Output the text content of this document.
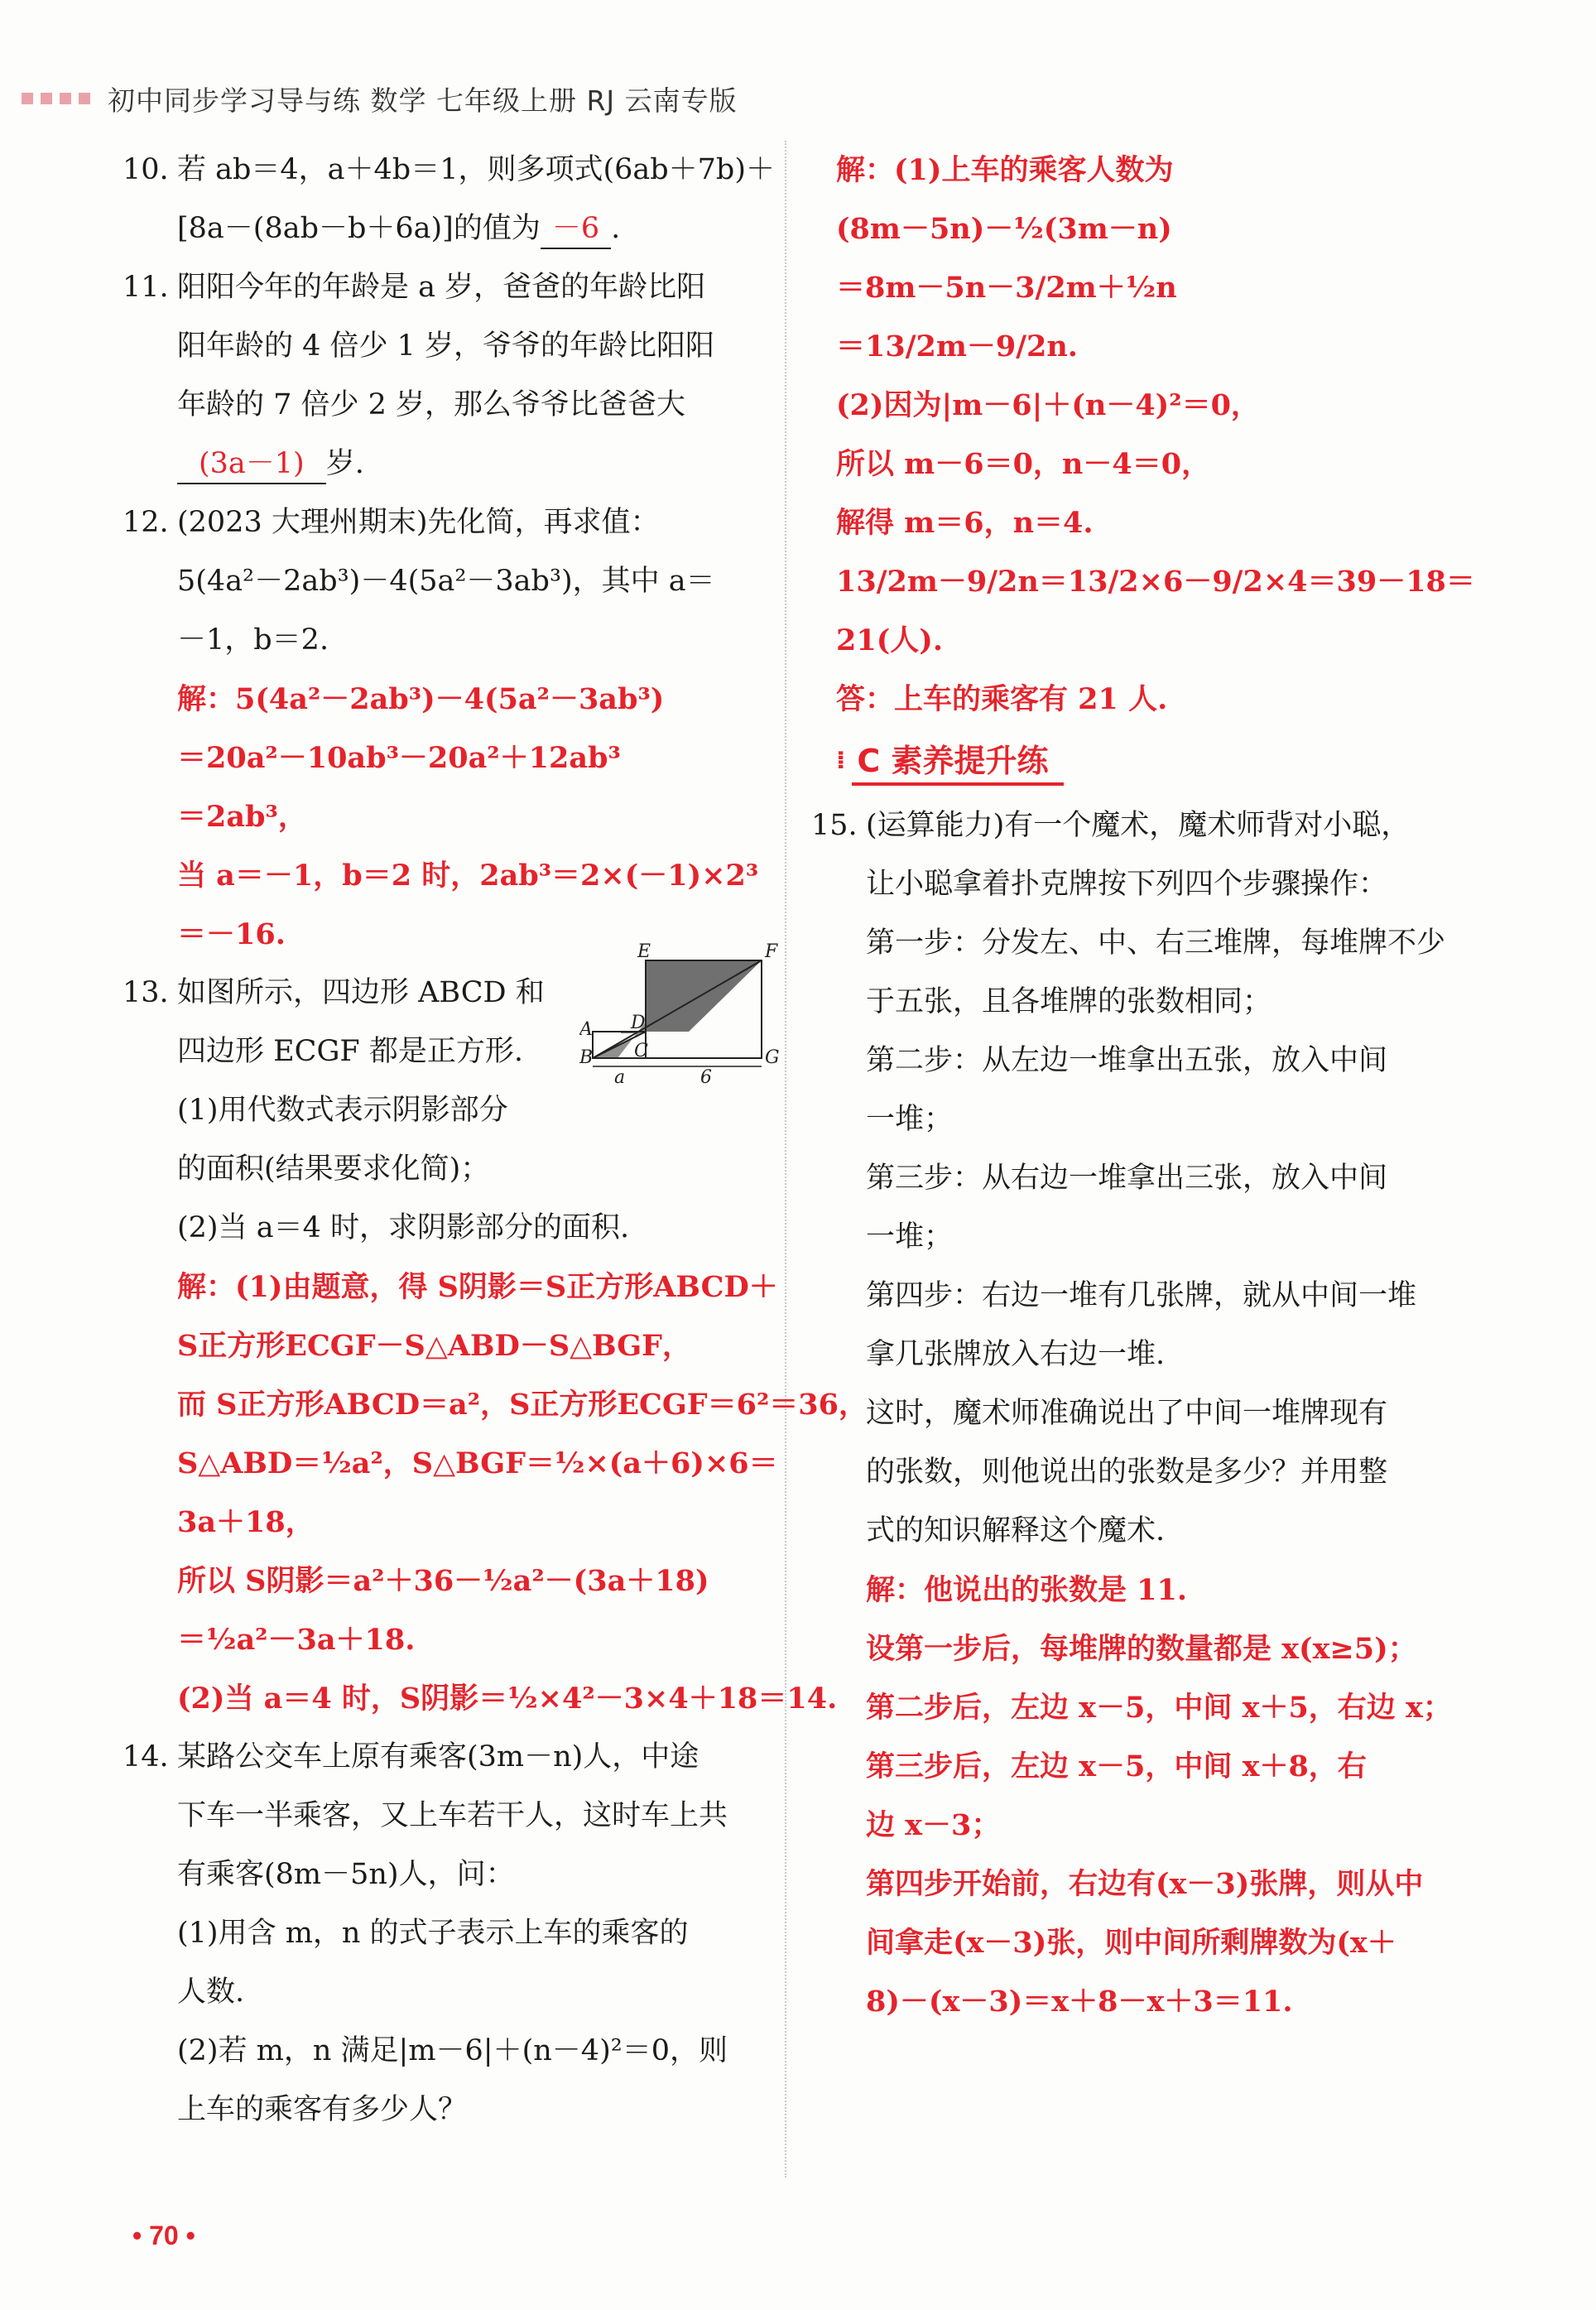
初中同步学习导与练 数学 七年级上册 RJ 云南专版
10. 若 ab＝4，a＋4b＝1，则多项式(6ab＋7b)＋
[8a－(8ab－b＋6a)]的值为 －6 .
11. 阳阳今年的年龄是 a 岁，爸爸的年龄比阳
阳年龄的 4 倍少 1 岁，爷爷的年龄比阳阳
年龄的 7 倍少 2 岁，那么爷爷比爸爸大
(3a－1) 岁.
12. (2023 大理州期末)先化简，再求值：
5(4a²－2ab³)－4(5a²－3ab³)，其中 a＝
－1，b＝2.
解：5(4a²－2ab³)－4(5a²－3ab³)
＝20a²－10ab³－20a²＋12ab³
＝2ab³，
当 a＝－1，b＝2 时，2ab³＝2×(－1)×2³
＝－16.
13. 如图所示，四边形 ABCD 和
四边形 ECGF 都是正方形.
(1)用代数式表示阴影部分
的面积(结果要求化简)；
(2)当 a＝4 时，求阴影部分的面积.
解：(1)由题意，得 S阴影＝S正方形ABCD＋
S正方形ECGF－S△ABD－S△BGF，
而 S正方形ABCD＝a²，S正方形ECGF＝6²＝36，
S△ABD＝½a²，S△BGF＝½×(a＋6)×6＝
3a＋18，
所以 S阴影＝a²＋36－½a²－(3a＋18)
＝½a²－3a＋18.
(2)当 a＝4 时，S阴影＝½×4²－3×4＋18＝14.
14. 某路公交车上原有乘客(3m－n)人，中途
下车一半乘客，又上车若干人，这时车上共
有乘客(8m－5n)人，问：
(1)用含 m，n 的式子表示上车的乘客的
人数.
(2)若 m，n 满足|m－6|＋(n－4)²＝0，则
上车的乘客有多少人？
E	F
A D
B C	G
a	6
解：(1)上车的乘客人数为
(8m－5n)－½(3m－n)
＝8m－5n－3/2m＋½n
＝13/2m－9/2n.
(2)因为|m－6|＋(n－4)²＝0，
所以 m－6＝0，n－4＝0，
解得 m＝6，n＝4.
13/2m－9/2n＝13/2×6－9/2×4＝39－18＝
21(人).
答：上车的乘客有 21 人.
⁞ C 素养提升练
15. (运算能力)有一个魔术，魔术师背对小聪，
让小聪拿着扑克牌按下列四个步骤操作：
第一步：分发左、中、右三堆牌，每堆牌不少
于五张，且各堆牌的张数相同；
第二步：从左边一堆拿出五张，放入中间
一堆；
第三步：从右边一堆拿出三张，放入中间
一堆；
第四步：右边一堆有几张牌，就从中间一堆
拿几张牌放入右边一堆.
这时，魔术师准确说出了中间一堆牌现有
的张数，则他说出的张数是多少？并用整
式的知识解释这个魔术.
解：他说出的张数是 11.
设第一步后，每堆牌的数量都是 x(x≥5)；
第二步后，左边 x－5，中间 x＋5，右边 x；
第三步后，左边 x－5，中间 x＋8，右
边 x－3；
第四步开始前，右边有(x－3)张牌，则从中
间拿走(x－3)张，则中间所剩牌数为(x＋
8)－(x－3)＝x＋8－x＋3＝11.
• 70 •
